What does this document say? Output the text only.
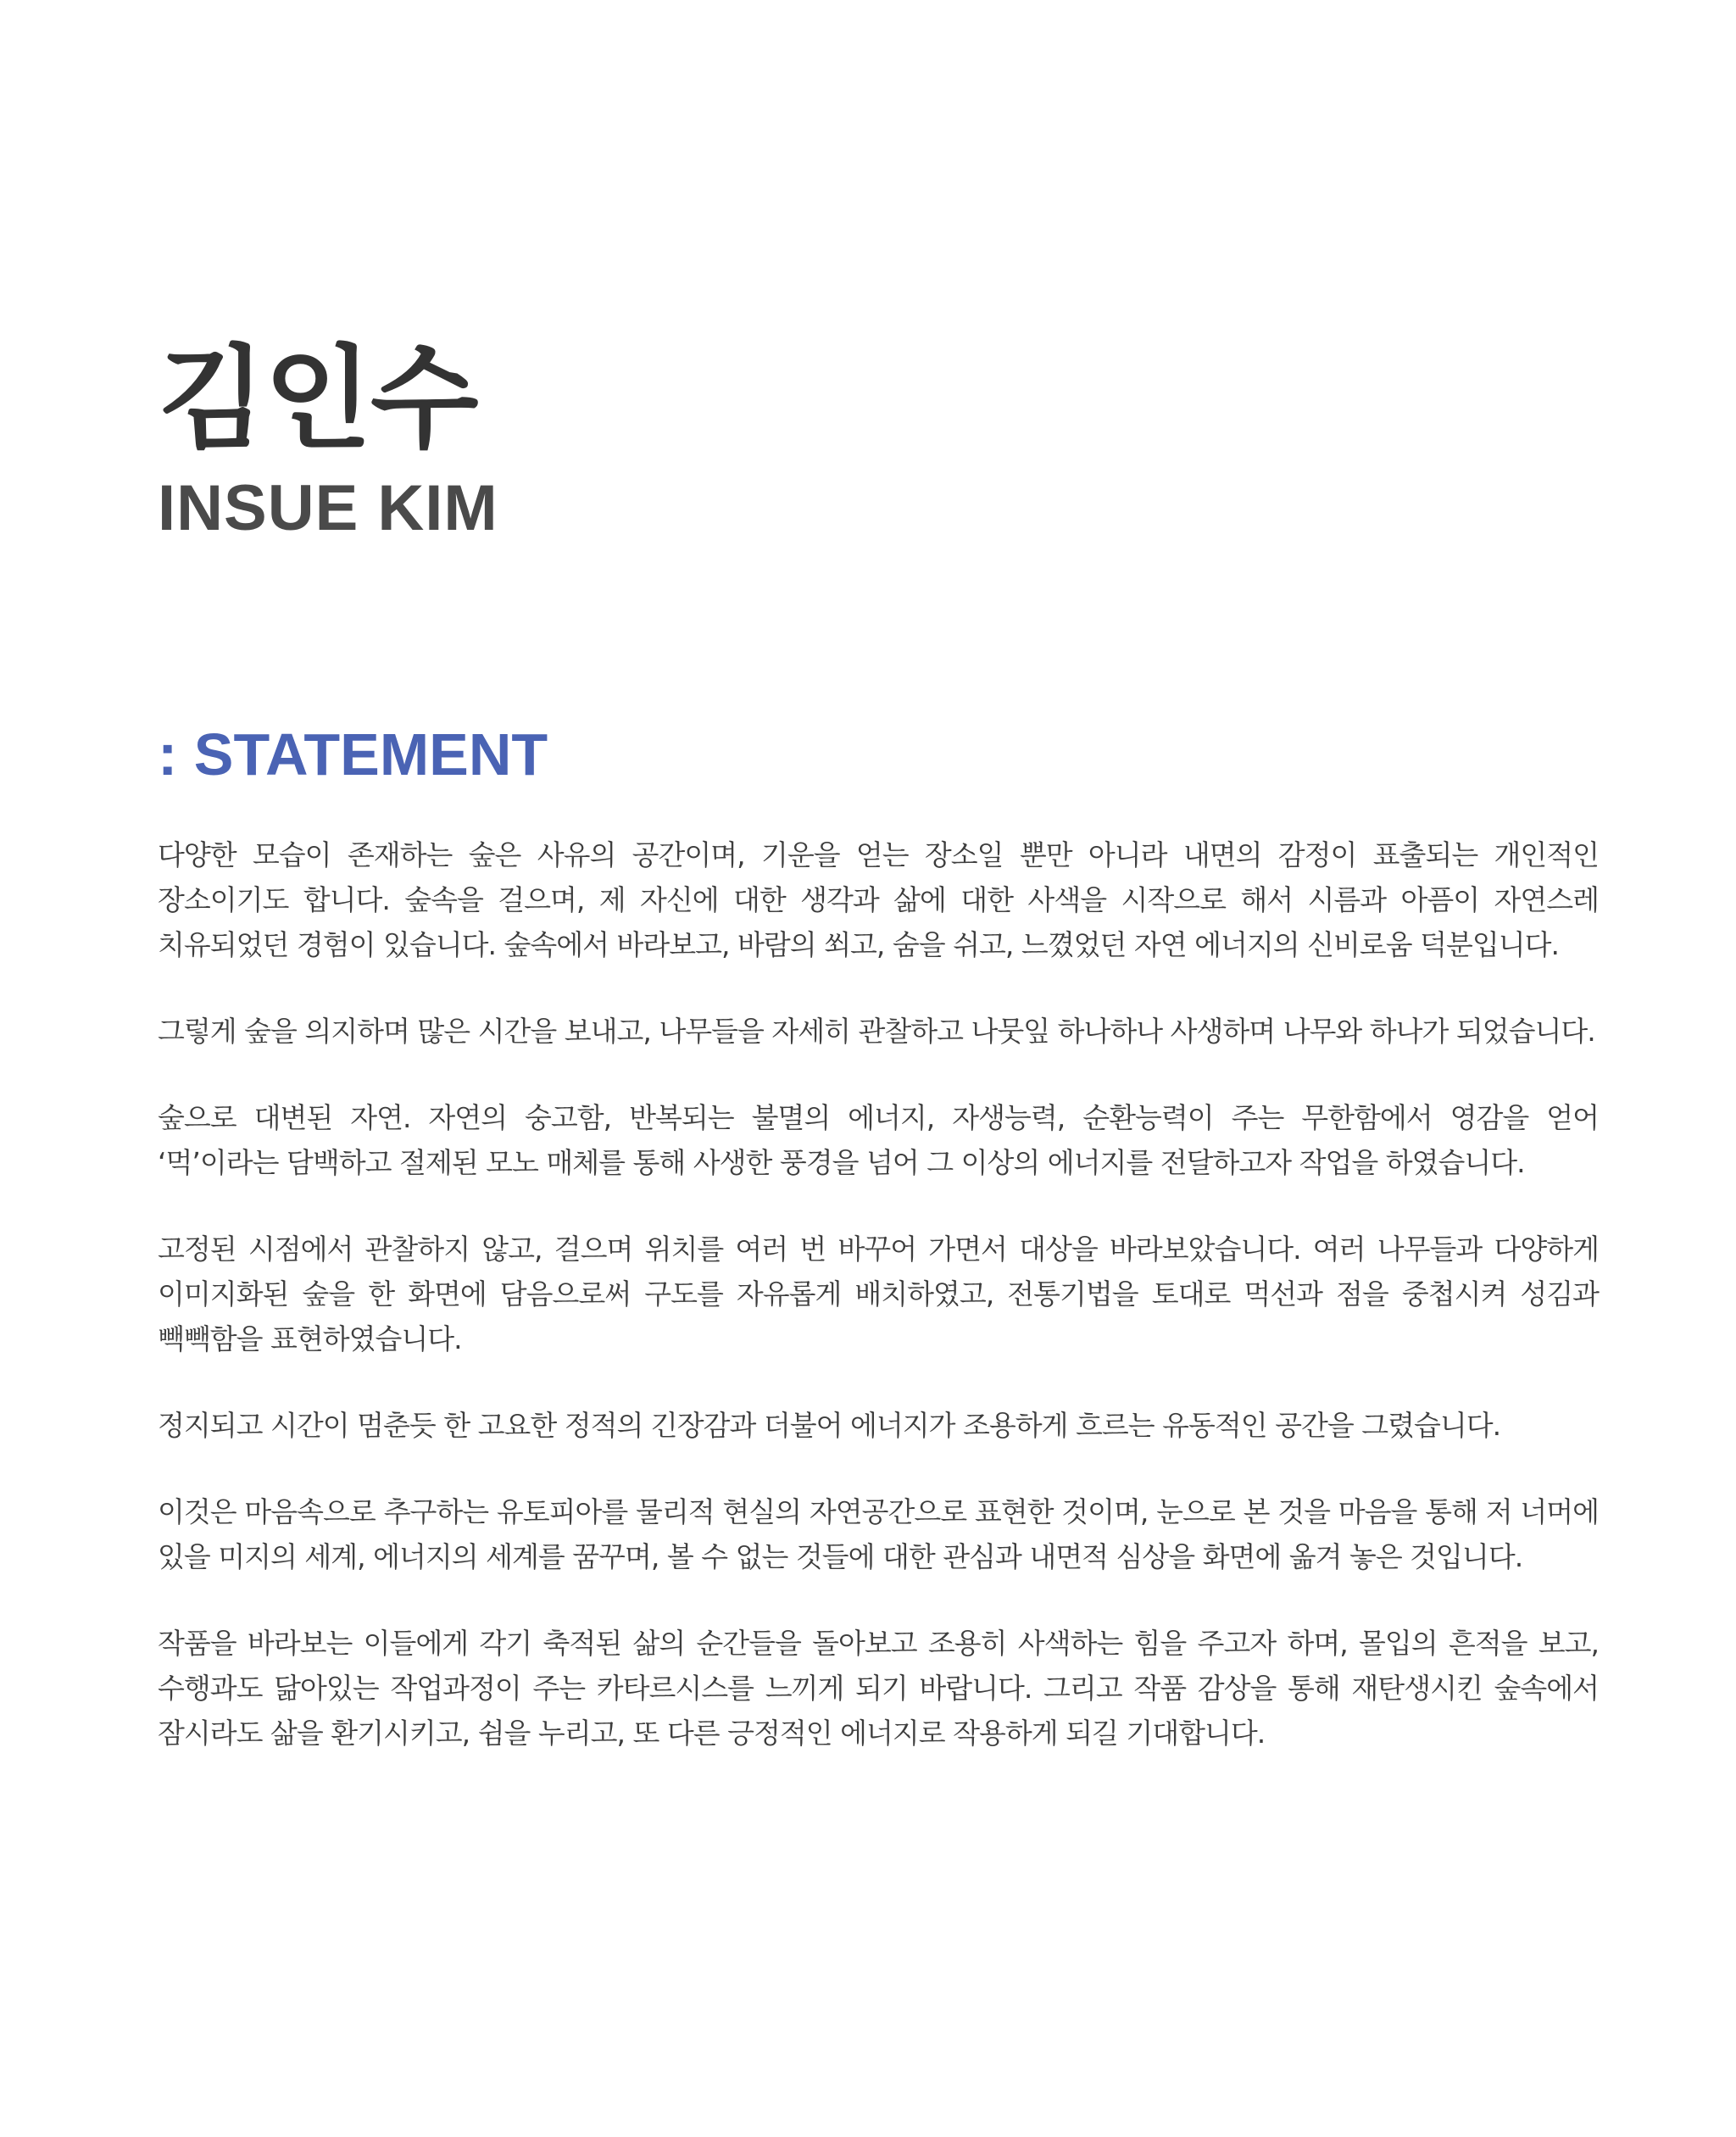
김인수
INSUE KIM
: STATEMENT

다양한 모습이 존재하는 숲은 사유의 공간이며, 기운을 얻는 장소일 뿐만 아니라 내면의 감정이 표출되는 개인적인 장소이기도 합니다. 숲속을 걸으며, 제 자신에 대한 생각과 삶에 대한 사색을 시작으로 해서 시름과 아픔이 자연스레 치유되었던 경험이 있습니다. 숲속에서 바라보고, 바람의 쐬고, 숨을 쉬고, 느꼈었던 자연 에너지의 신비로움 덕분입니다.

그렇게 숲을 의지하며 많은 시간을 보내고, 나무들을 자세히 관찰하고 나뭇잎 하나하나 사생하며 나무와 하나가 되었습니다.

숲으로 대변된 자연. 자연의 숭고함, 반복되는 불멸의 에너지, 자생능력, 순환능력이 주는 무한함에서 영감을 얻어 ‘먹’이라는 담백하고 절제된 모노 매체를 통해 사생한 풍경을 넘어 그 이상의 에너지를 전달하고자 작업을 하였습니다.

고정된 시점에서 관찰하지 않고, 걸으며 위치를 여러 번 바꾸어 가면서 대상을 바라보았습니다. 여러 나무들과 다양하게 이미지화된 숲을 한 화면에 담음으로써 구도를 자유롭게 배치하였고, 전통기법을 토대로 먹선과 점을 중첩시켜 성김과 빽빽함을 표현하였습니다.

정지되고 시간이 멈춘듯 한 고요한 정적의 긴장감과 더불어 에너지가 조용하게 흐르는 유동적인 공간을 그렸습니다.

이것은 마음속으로 추구하는 유토피아를 물리적 현실의 자연공간으로 표현한 것이며, 눈으로 본 것을 마음을 통해 저 너머에 있을 미지의 세계, 에너지의 세계를 꿈꾸며, 볼 수 없는 것들에 대한 관심과 내면적 심상을 화면에 옮겨 놓은 것입니다.

작품을 바라보는 이들에게 각기 축적된 삶의 순간들을 돌아보고 조용히 사색하는 힘을 주고자 하며, 몰입의 흔적을 보고, 수행과도 닮아있는 작업과정이 주는 카타르시스를 느끼게 되기 바랍니다. 그리고 작품 감상을 통해 재탄생시킨 숲속에서 잠시라도 삶을 환기시키고, 쉼을 누리고, 또 다른 긍정적인 에너지로 작용하게 되길 기대합니다.
